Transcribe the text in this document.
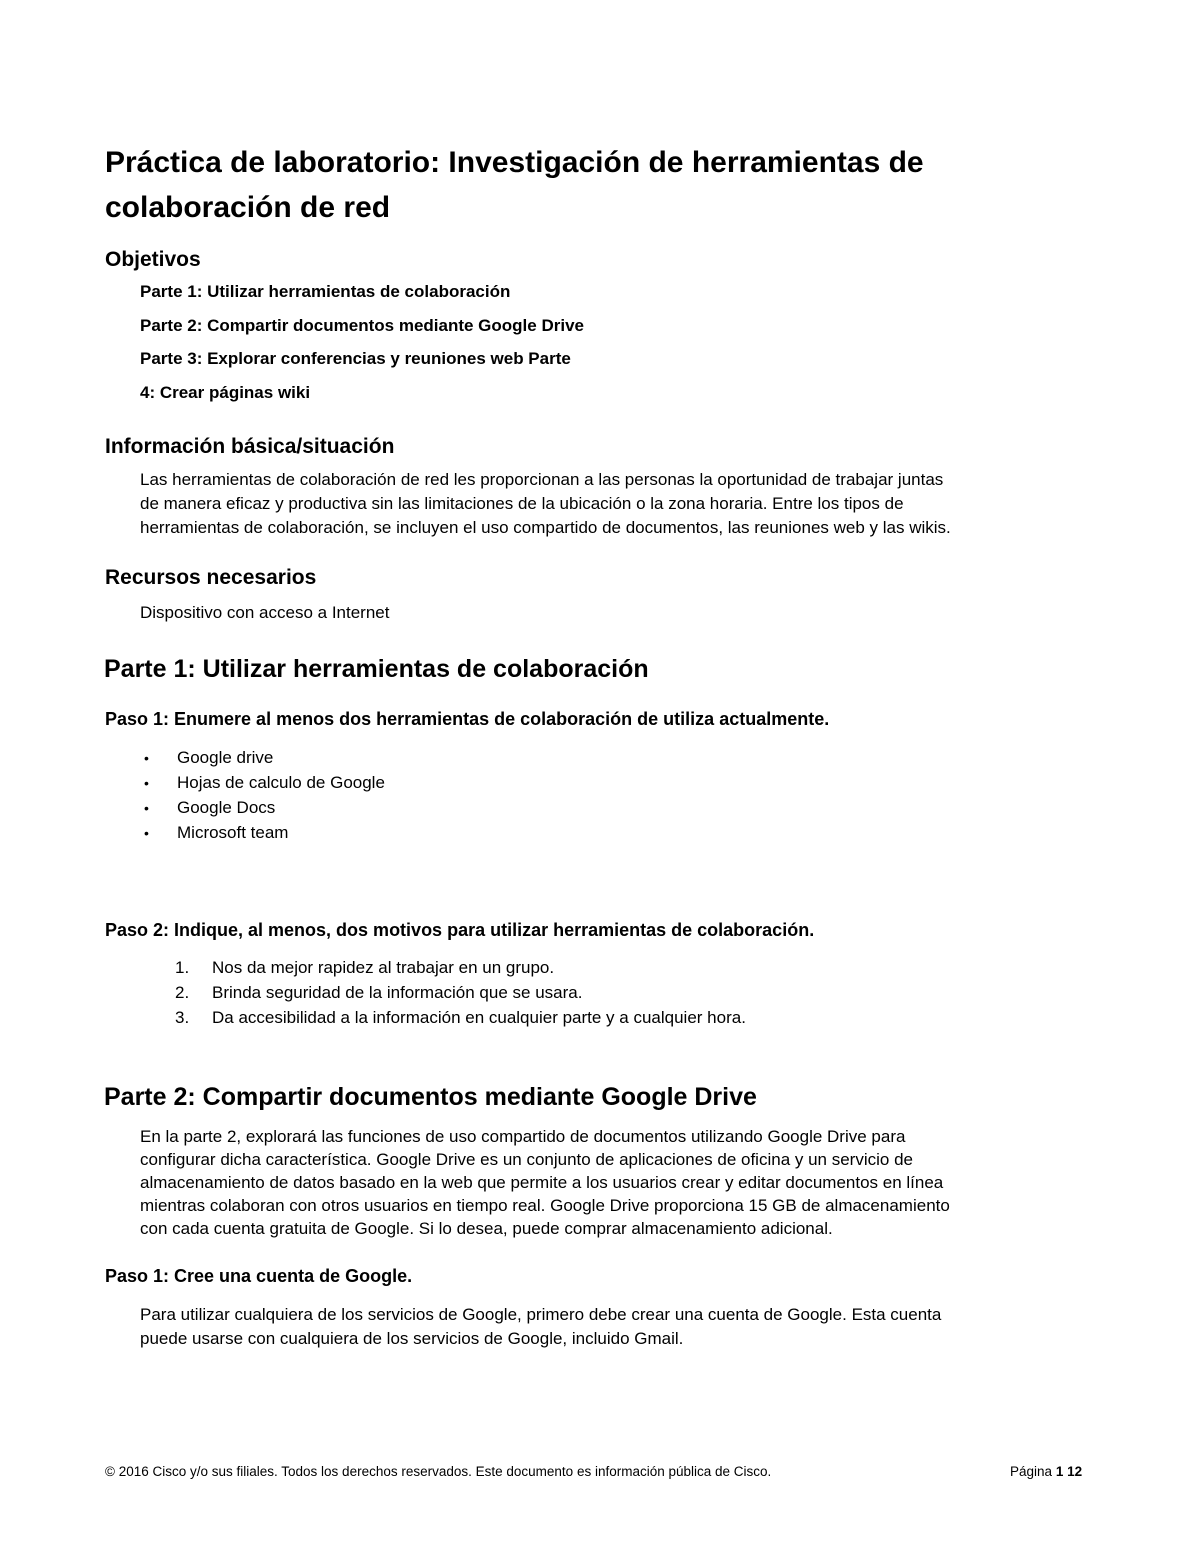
Práctica de laboratorio: Investigación de herramientas de
colaboración de red
Objetivos
Parte 1: Utilizar herramientas de colaboración
Parte 2: Compartir documentos mediante Google Drive
Parte 3: Explorar conferencias y reuniones web Parte
4: Crear páginas wiki
Información básica/situación
Las herramientas de colaboración de red les proporcionan a las personas la oportunidad de trabajar juntas
de manera eficaz y productiva sin las limitaciones de la ubicación o la zona horaria. Entre los tipos de
herramientas de colaboración, se incluyen el uso compartido de documentos, las reuniones web y las wikis.
Recursos necesarios
Dispositivo con acceso a Internet
Parte 1: Utilizar herramientas de colaboración
Paso 1: Enumere al menos dos herramientas de colaboración de utiliza actualmente.
• Google drive
• Hojas de calculo de Google
• Google Docs
• Microsoft team
Paso 2: Indique, al menos, dos motivos para utilizar herramientas de colaboración.
1. Nos da mejor rapidez al trabajar en un grupo.
2. Brinda seguridad de la información que se usara.
3. Da accesibilidad a la información en cualquier parte y a cualquier hora.
Parte 2: Compartir documentos mediante Google Drive
En la parte 2, explorará las funciones de uso compartido de documentos utilizando Google Drive para
configurar dicha característica. Google Drive es un conjunto de aplicaciones de oficina y un servicio de
almacenamiento de datos basado en la web que permite a los usuarios crear y editar documentos en línea
mientras colaboran con otros usuarios en tiempo real. Google Drive proporciona 15 GB de almacenamiento
con cada cuenta gratuita de Google. Si lo desea, puede comprar almacenamiento adicional.
Paso 1: Cree una cuenta de Google.
Para utilizar cualquiera de los servicios de Google, primero debe crear una cuenta de Google. Esta cuenta
puede usarse con cualquiera de los servicios de Google, incluido Gmail.
© 2016 Cisco y/o sus filiales. Todos los derechos reservados. Este documento es información pública de Cisco.	Página 1 12
